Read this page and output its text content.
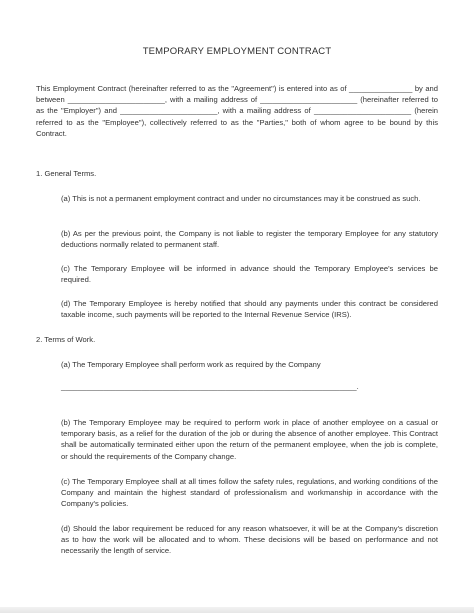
TEMPORARY EMPLOYMENT CONTRACT
This Employment Contract (hereinafter referred to as the "Agreement") is entered into as of _______________ by and between _______________________, with a mailing address of _______________________ (hereinafter referred to as the "Employer") and _______________________, with a mailing address of _______________________ (herein referred to as the "Employee"), collectively referred to as the "Parties," both of whom agree to be bound by this Contract.
1. General Terms.
(a) This is not a permanent employment contract and under no circumstances may it be construed as such.
(b) As per the previous point, the Company is not liable to register the temporary Employee for any statutory deductions normally related to permanent staff.
(c) The Temporary Employee will be informed in advance should the Temporary Employee's services be required.
(d) The Temporary Employee is hereby notified that should any payments under this contract be considered taxable income, such payments will be reported to the Internal Revenue Service (IRS).
2. Terms of Work.
(a) The Temporary Employee shall perform work as required by the Company
______________________________________________________________________.
(b) The Temporary Employee may be required to perform work in place of another employee on a casual or temporary basis, as a relief for the duration of the job or during the absence of another employee. This Contract shall be automatically terminated either upon the return of the permanent employee, when the job is complete, or should the requirements of the Company change.
(c) The Temporary Employee shall at all times follow the safety rules, regulations, and working conditions of the Company and maintain the highest standard of professionalism and workmanship in accordance with the Company's policies.
(d) Should the labor requirement be reduced for any reason whatsoever, it will be at the Company's discretion as to how the work will be allocated and to whom. These decisions will be based on performance and not necessarily the length of service.
